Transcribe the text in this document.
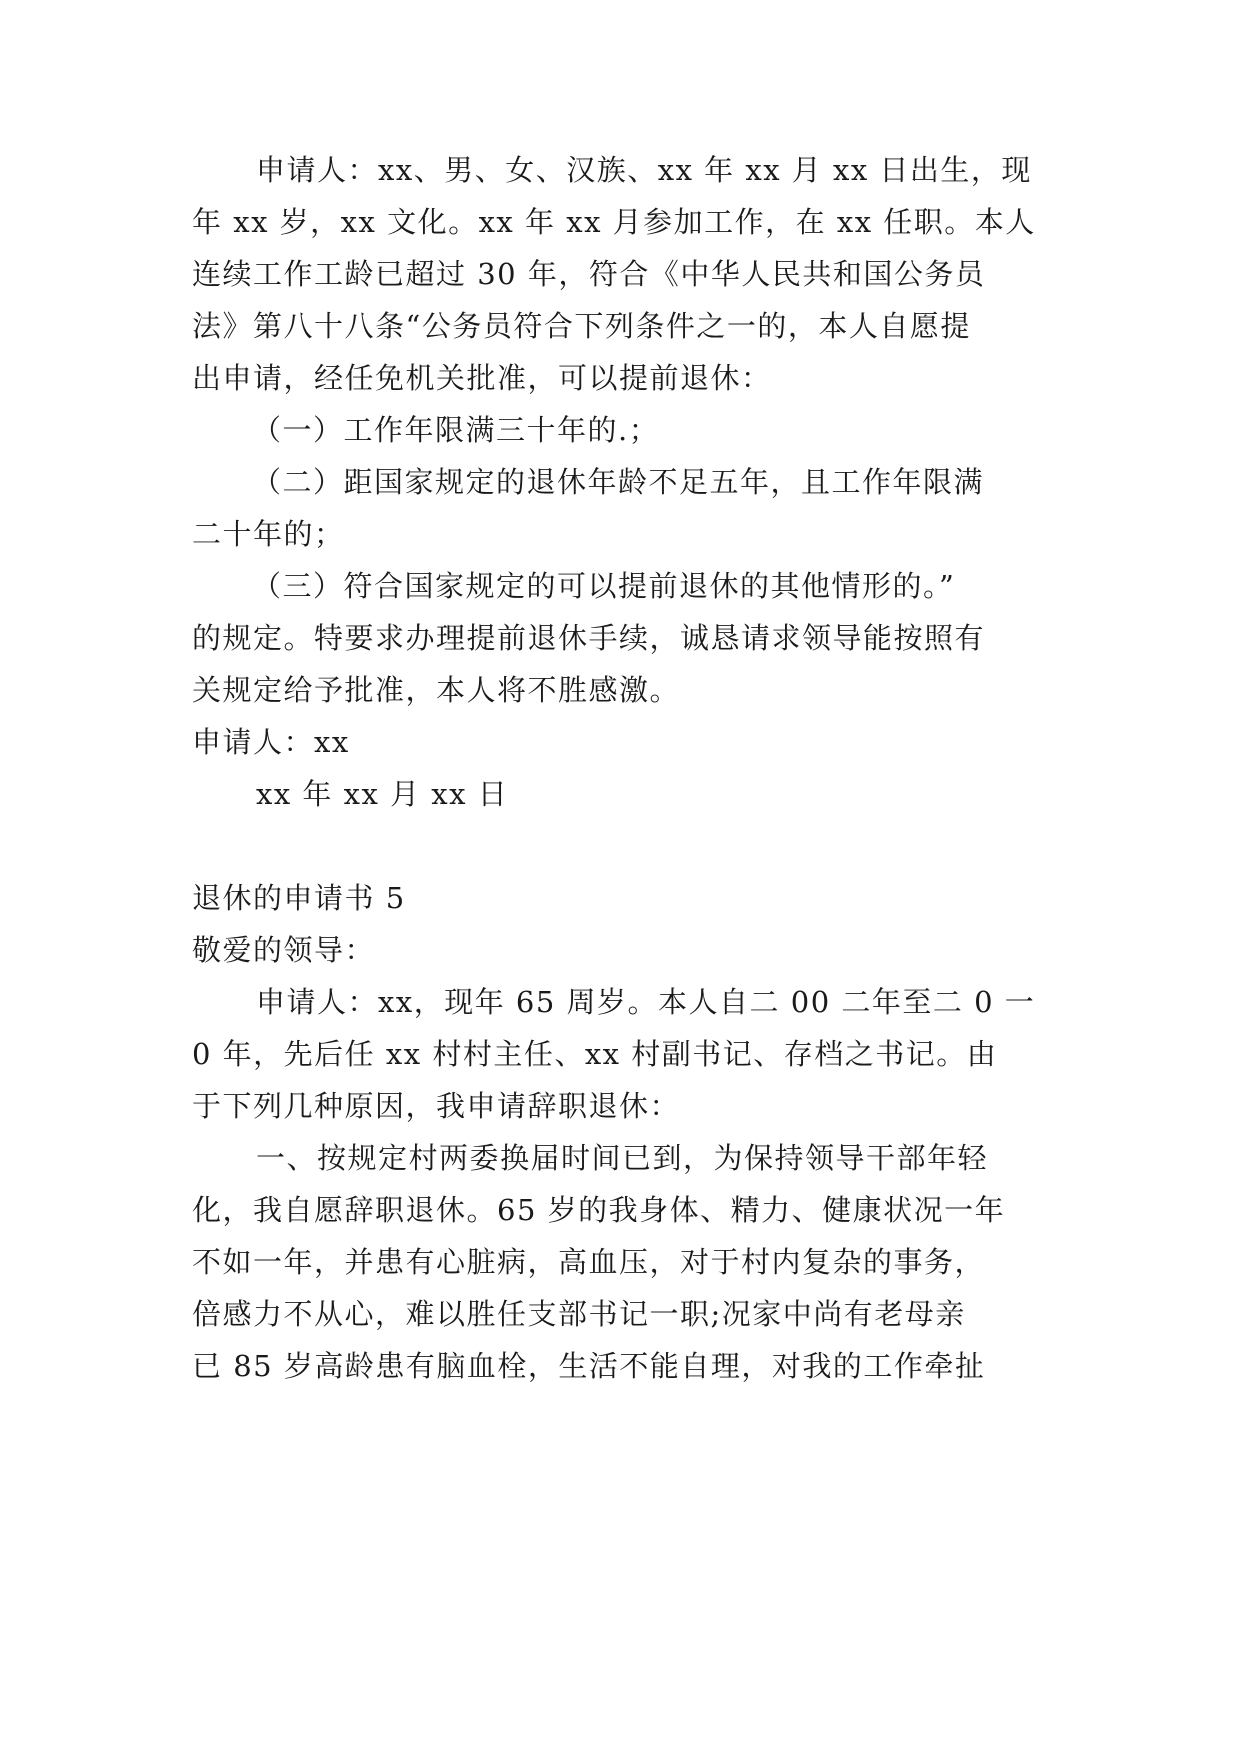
申请人：xx、男、女、汉族、xx 年 xx 月 xx 日出生，现
年 xx 岁，xx 文化。xx 年 xx 月参加工作，在 xx 任职。本人
连续工作工龄已超过 30 年，符合《中华人民共和国公务员
法》第八十八条“公务员符合下列条件之一的，本人自愿提
出申请，经任免机关批准，可以提前退休：
（一）工作年限满三十年的.；
（二）距国家规定的退休年龄不足五年，且工作年限满
二十年的；
（三）符合国家规定的可以提前退休的其他情形的。”
的规定。特要求办理提前退休手续，诚恳请求领导能按照有
关规定给予批准，本人将不胜感激。
申请人：xx
xx 年 xx 月 xx 日
退休的申请书 5
敬爱的领导：
申请人：xx，现年 65 周岁。本人自二 00 二年至二 0 一
0 年，先后任 xx 村村主任、xx 村副书记、存档之书记。由
于下列几种原因，我申请辞职退休：
一、按规定村两委换届时间已到，为保持领导干部年轻
化，我自愿辞职退休。65 岁的我身体、精力、健康状况一年
不如一年，并患有心脏病，高血压，对于村内复杂的事务，
倍感力不从心，难以胜任支部书记一职;况家中尚有老母亲
已 85 岁高龄患有脑血栓，生活不能自理，对我的工作牵扯
